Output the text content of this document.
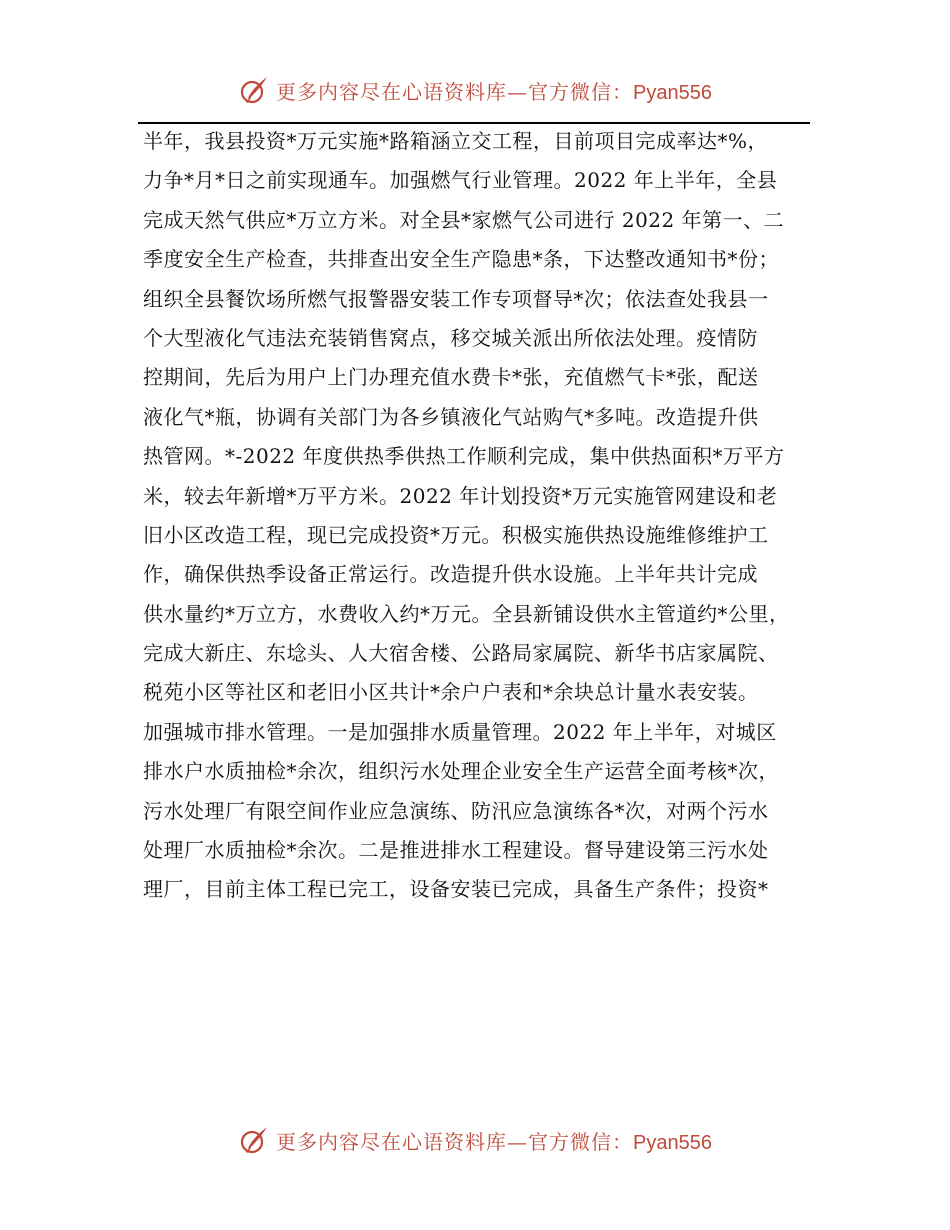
更多内容尽在心语资料库—官方微信：Pyan556
半年，我县投资*万元实施*路箱涵立交工程，目前项目完成率达*%，
力争*月*日之前实现通车。加强燃气行业管理。2022 年上半年，全县
完成天然气供应*万立方米。对全县*家燃气公司进行 2022 年第一、二
季度安全生产检查，共排查出安全生产隐患*条，下达整改通知书*份；
组织全县餐饮场所燃气报警器安装工作专项督导*次；依法查处我县一
个大型液化气违法充装销售窝点，移交城关派出所依法处理。疫情防
控期间，先后为用户上门办理充值水费卡*张，充值燃气卡*张，配送
液化气*瓶，协调有关部门为各乡镇液化气站购气*多吨。改造提升供
热管网。*-2022 年度供热季供热工作顺利完成，集中供热面积*万平方
米，较去年新增*万平方米。2022 年计划投资*万元实施管网建设和老
旧小区改造工程，现已完成投资*万元。积极实施供热设施维修维护工
作，确保供热季设备正常运行。改造提升供水设施。上半年共计完成
供水量约*万立方，水费收入约*万元。全县新铺设供水主管道约*公里，
完成大新庄、东埝头、人大宿舍楼、公路局家属院、新华书店家属院、
税苑小区等社区和老旧小区共计*余户户表和*余块总计量水表安装。
加强城市排水管理。一是加强排水质量管理。2022 年上半年，对城区
排水户水质抽检*余次，组织污水处理企业安全生产运营全面考核*次，
污水处理厂有限空间作业应急演练、防汛应急演练各*次，对两个污水
处理厂水质抽检*余次。二是推进排水工程建设。督导建设第三污水处
理厂，目前主体工程已完工，设备安装已完成，具备生产条件；投资*
更多内容尽在心语资料库—官方微信：Pyan556
